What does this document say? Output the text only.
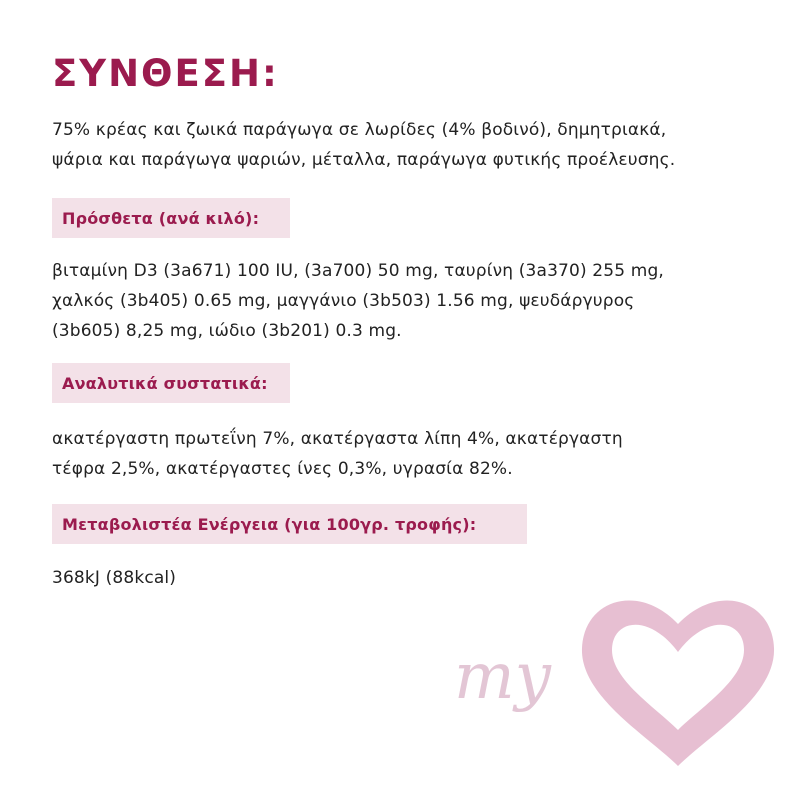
ΣΥΝΘΕΣΗ:

75% κρέας και ζωικά παράγωγα σε λωρίδες (4% βοδινό), δημητριακά,
ψάρια και παράγωγα ψαριών, μέταλλα, παράγωγα φυτικής προέλευσης.

Πρόσθετα (ανά κιλό):

βιταμίνη D3 (3a671) 100 IU, (3a700) 50 mg, ταυρίνη (3a370) 255 mg,
χαλκός (3b405) 0.65 mg, μαγγάνιο (3b503) 1.56 mg, ψευδάργυρος
(3b605) 8,25 mg, ιώδιο (3b201) 0.3 mg.

Αναλυτικά συστατικά:

ακατέργαστη πρωτεΐνη 7%, ακατέργαστα λίπη 4%, ακατέργαστη
τέφρα 2,5%, ακατέργαστες ίνες 0,3%, υγρασία 82%.

Μεταβολιστέα Ενέργεια (για 100γρ. τροφής):

368kJ (88kcal)

my
